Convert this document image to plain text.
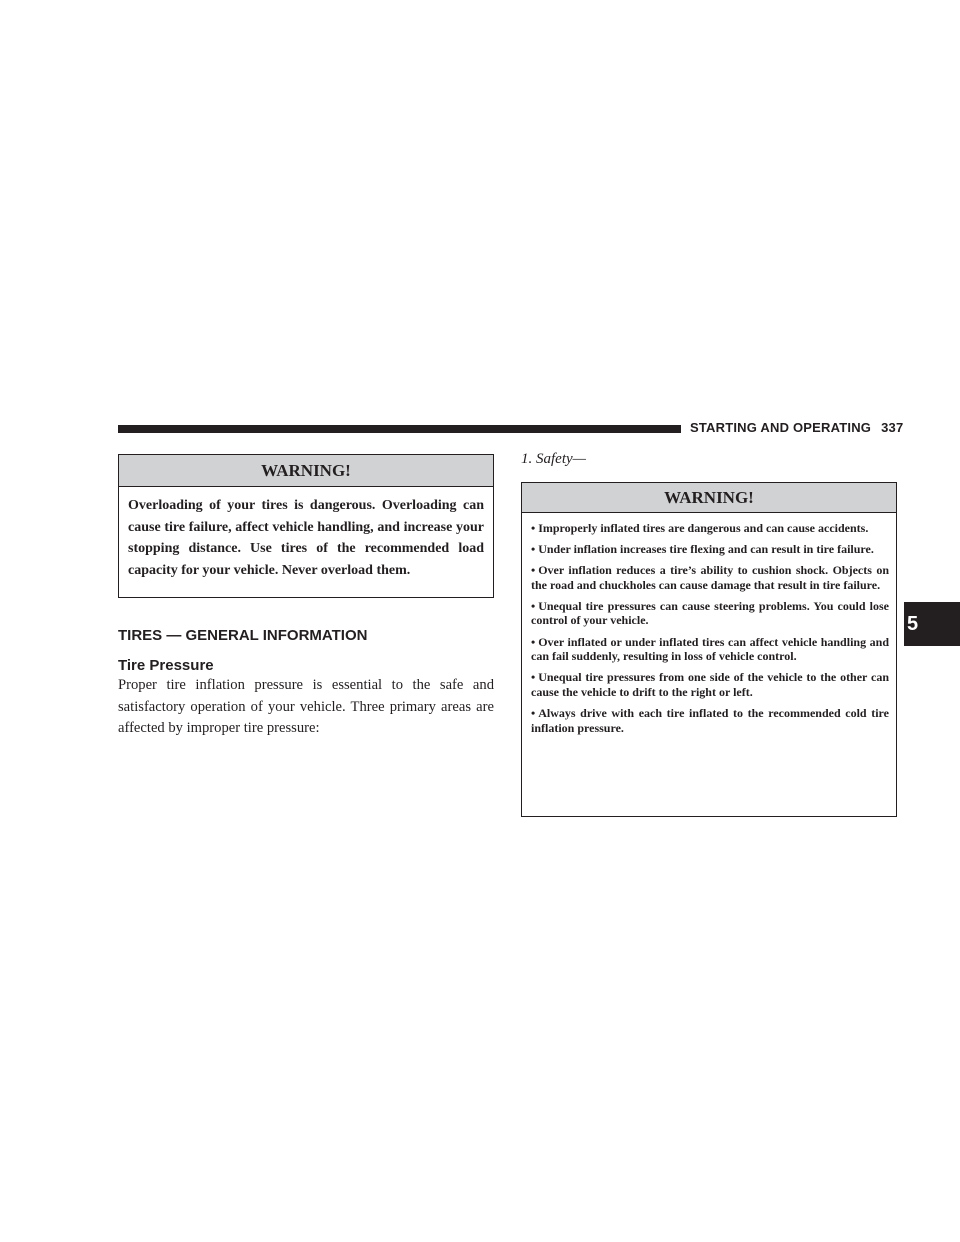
STARTING AND OPERATING 337
WARNING!
Overloading of your tires is dangerous. Overloading can cause tire failure, affect vehicle handling, and increase your stopping distance. Use tires of the recommended load capacity for your vehicle. Never overload them.
TIRES — GENERAL INFORMATION
Tire Pressure

Proper tire inflation pressure is essential to the safe and satisfactory operation of your vehicle. Three primary areas are affected by improper tire pressure:

1. Safety—
WARNING!
• Improperly inflated tires are dangerous and can cause accidents.
• Under inflation increases tire flexing and can result in tire failure.
• Over inflation reduces a tire’s ability to cushion shock. Objects on the road and chuckholes can cause damage that result in tire failure.
• Unequal tire pressures can cause steering problems. You could lose control of your vehicle.
• Over inflated or under inflated tires can affect vehicle handling and can fail suddenly, resulting in loss of vehicle control.
• Unequal tire pressures from one side of the vehicle to the other can cause the vehicle to drift to the right or left.
• Always drive with each tire inflated to the recommended cold tire inflation pressure.
5
